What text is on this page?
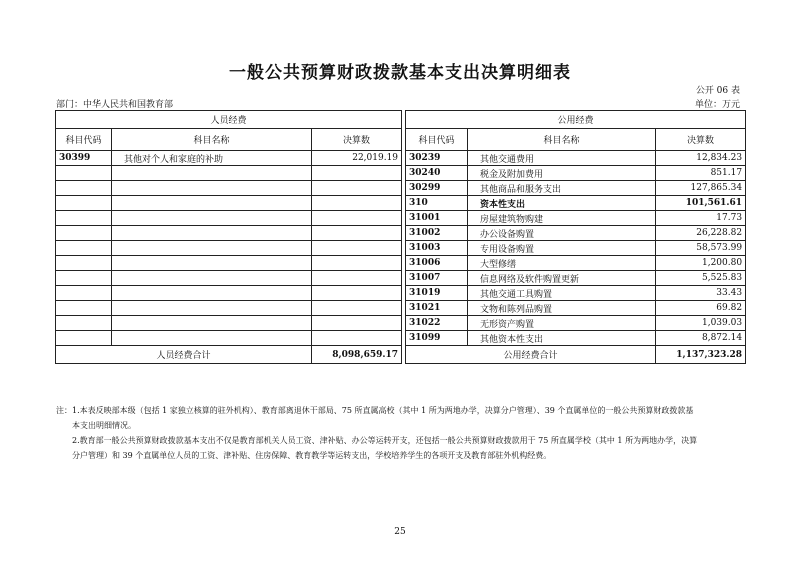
一般公共预算财政拨款基本支出决算明细表
公开 06 表
部门：中华人民共和国教育部	单位：万元
人员经费				公用经费		
科目代码	科目名称	决算数		科目代码	科目名称	决算数
30399	其他对个人和家庭的补助	22,019.19		30239	其他交通费用	12,834.23
				30240	税金及附加费用	851.17
				30299	其他商品和服务支出	127,865.34
				310	资本性支出	101,561.61
				31001	房屋建筑物购建	17.73
				31002	办公设备购置	26,228.82
				31003	专用设备购置	58,573.99
				31006	大型修缮	1,200.80
				31007	信息网络及软件购置更新	5,525.83
				31019	其他交通工具购置	33.43
				31021	文物和陈列品购置	69.82
				31022	无形资产购置	1,039.03
				31099	其他资本性支出	8,872.14
人员经费合计		8,098,659.17		公用经费合计		1,137,323.28

注：1.本表反映部本级（包括 1 家独立核算的驻外机构）、教育部离退休干部局、75 所直属高校（其中 1 所为两地办学，决算分户管理）、39 个直属单位的一般公共预算财政拨款基

本支出明细情况。

2.教育部一般公共预算财政拨款基本支出不仅是教育部机关人员工资、津补贴、办公等运转开支，还包括一般公共预算财政拨款用于 75 所直属学校（其中 1 所为两地办学，决算

分户管理）和 39 个直属单位人员的工资、津补贴、住房保障、教育教学等运转支出，学校培养学生的各项开支及教育部驻外机构经费。

25
